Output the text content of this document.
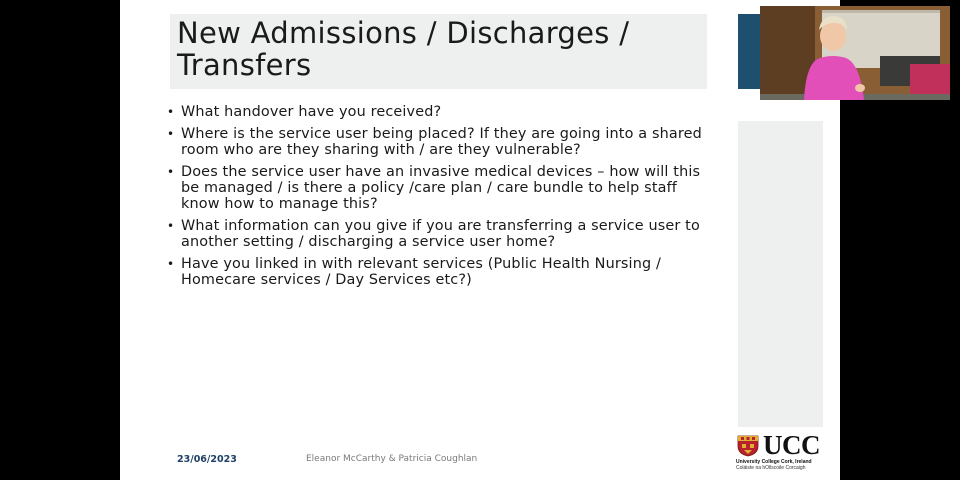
New Admissions / Discharges / Transfers
• What handover have you received?
• Where is the service user being placed? If they are going into a shared room who are they sharing with / are they vulnerable?
• Does the service user have an invasive medical devices – how will this be managed / is there a policy /care plan / care bundle to help staff know how to manage this?
• What information can you give if you are transferring a service user to another setting / discharging a service user home?
• Have you linked in with relevant services (Public Health Nursing / Homecare services / Day Services etc?)
23/06/2023	Eleanor McCarthy & Patricia Coughlan	UCC
University College Cork, Ireland
Coláiste na hOllscoile Corcaigh
